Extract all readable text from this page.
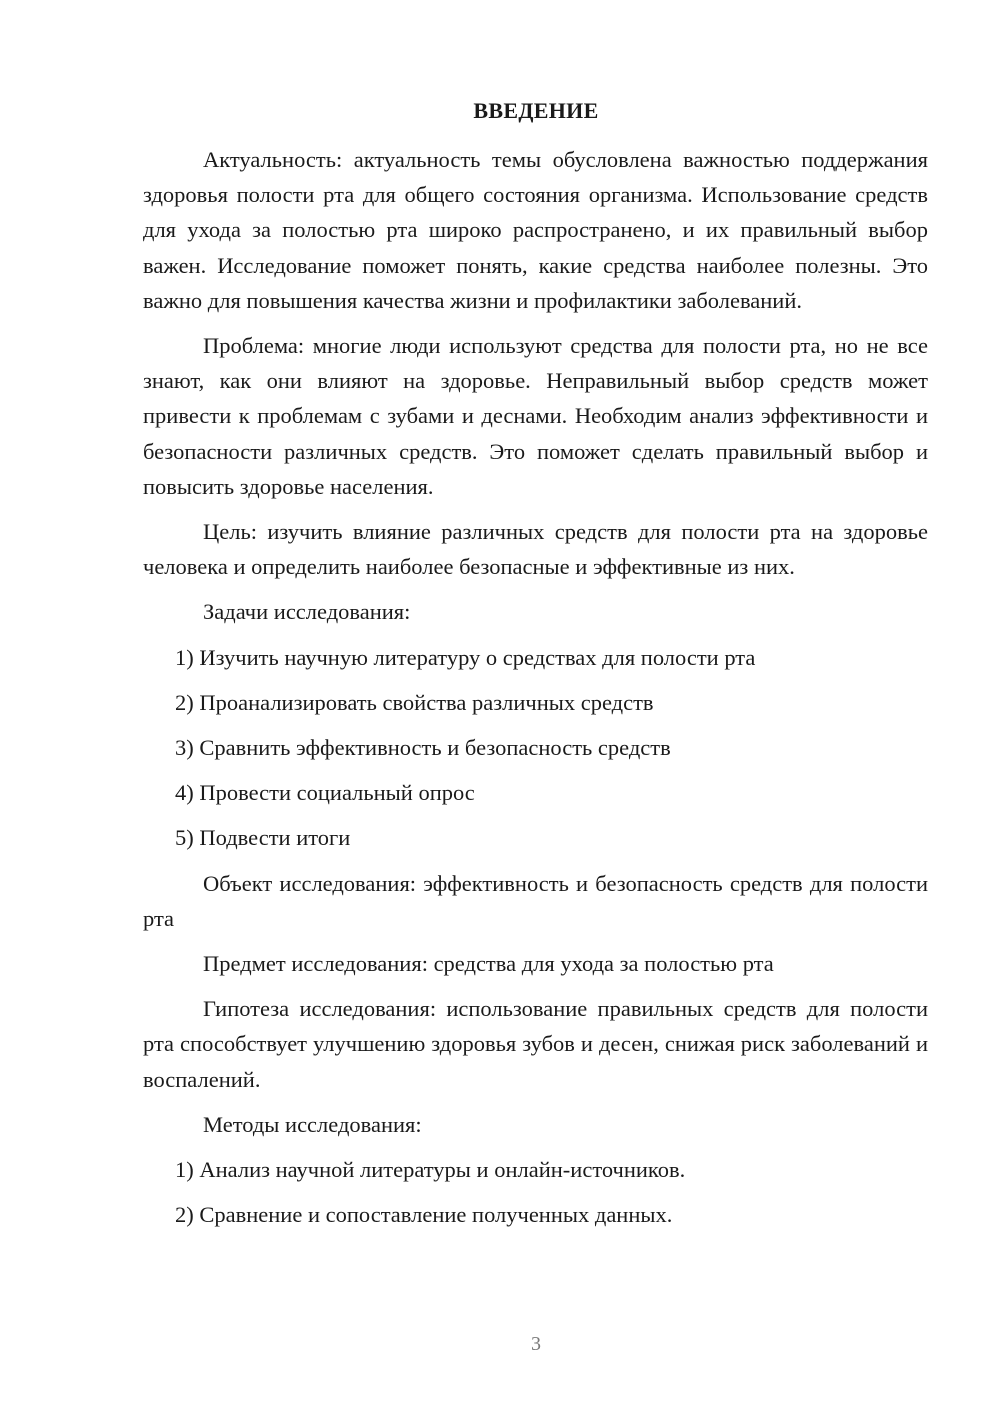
ВВЕДЕНИЕ

Актуальность: актуальность темы обусловлена важностью поддержания здоровья полости рта для общего состояния организма. Использование средств для ухода за полостью рта широко распространено, и их правильный выбор важен. Исследование поможет понять, какие средства наиболее полезны. Это важно для повышения качества жизни и профилактики заболеваний.

Проблема: многие люди используют средства для полости рта, но не все знают, как они влияют на здоровье. Неправильный выбор средств может привести к проблемам с зубами и деснами. Необходим анализ эффективности и безопасности различных средств. Это поможет сделать правильный выбор и повысить здоровье населения.

Цель: изучить влияние различных средств для полости рта на здоровье человека и определить наиболее безопасные и эффективные из них.

Задачи исследования:

1) Изучить научную литературу о средствах для полости рта

2) Проанализировать свойства различных средств

3) Сравнить эффективность и безопасность средств

4) Провести социальный опрос

5) Подвести итоги

Объект исследования: эффективность и безопасность средств для полости рта

Предмет исследования: средства для ухода за полостью рта

Гипотеза исследования: использование правильных средств для полости рта способствует улучшению здоровья зубов и десен, снижая риск заболеваний и воспалений.

Методы исследования:

1) Анализ научной литературы и онлайн-источников.

2) Сравнение и сопоставление полученных данных.

3
